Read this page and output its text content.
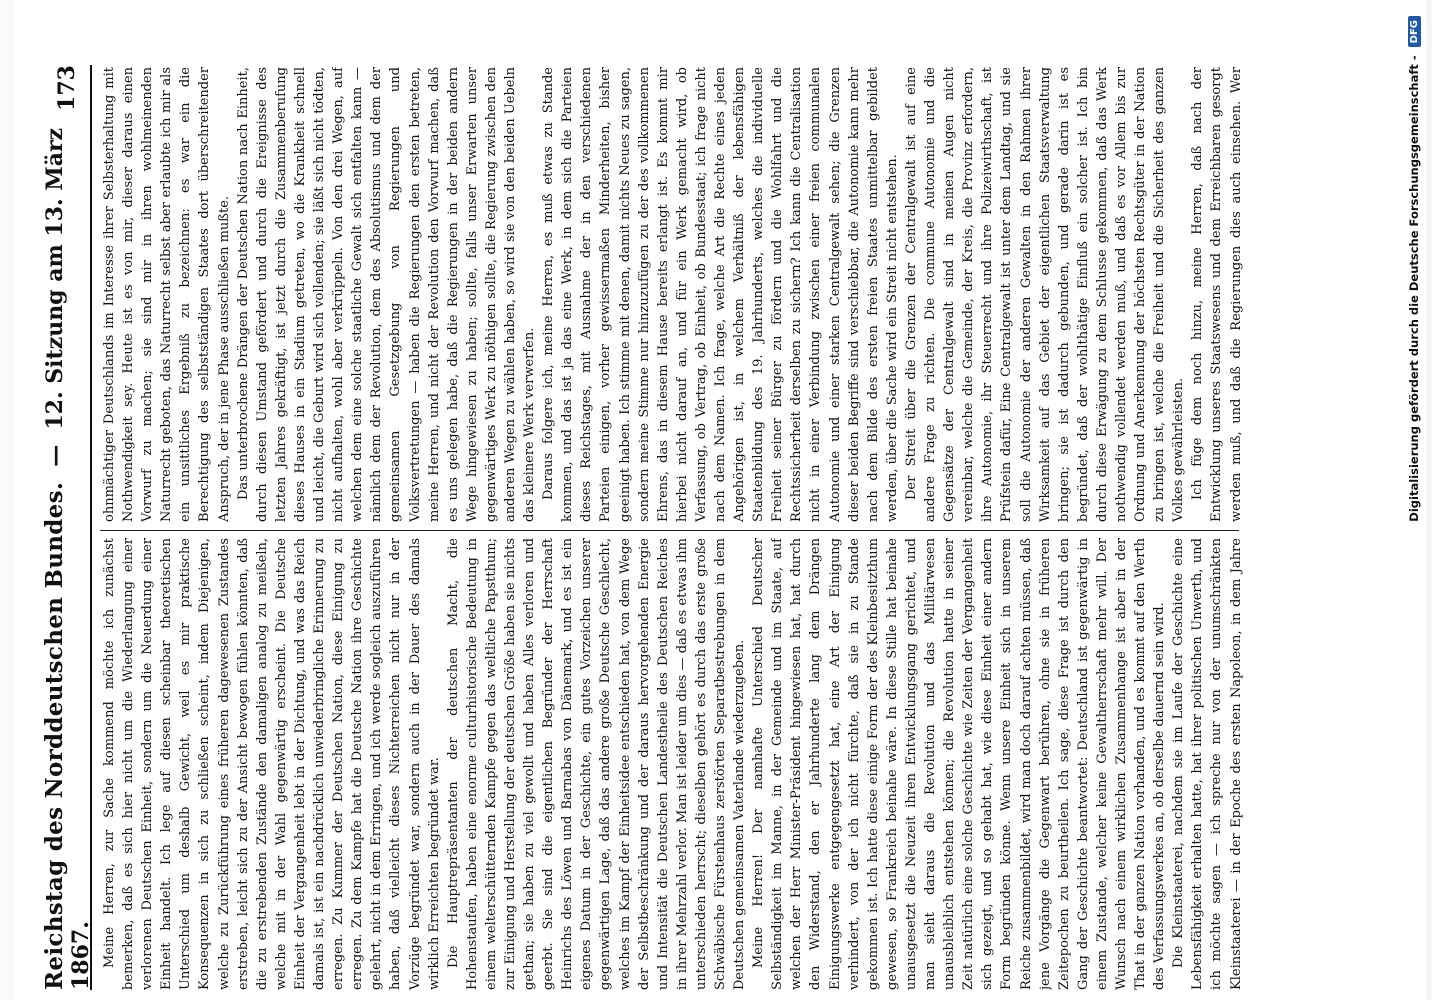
Reichstag des Norddeutschen Bundes. — 12. Sitzung am 13. März 1867.
173

Meine Herren, zur Sache kommend möchte ich zunächst bemerken, daß es sich hier nicht um die Wiederlangung einer verlorenen Deutschen Einheit, sondern um die Neuerdung einer Einheit handelt. Ich lege auf diesen scheinbar theoretischen Unterschied um deshalb Gewicht, weil es mir praktische Konsequenzen in sich zu schließen scheint, indem Diejenigen, welche zu Zurückführung eines früheren dagewesenen Zustandes erstreben, leicht sich zu der Ansicht bewogen fühlen könnten, daß die zu erstrebenden Zustände den damaligen analog zu meißeln, welche mit in der Wahl gegenwärtig erscheint. Die Deutsche Einheit der Vergangenheit lebt in der Dichtung, und was das Reich damals ist, ist ein nachdrücklich unwiederbringliche Erinnerung zu erregen. Zu Kummer der Deutschen Nation, diese Einigung zu erregen. Zu dem Kampfe hat die Deutsche Nation ihre Geschichte gelehrt, nicht in dem Erringen, und ich werde sogleich auszuführen haben, daß vielleicht dieses Nichterreichen nicht nur in der Vorzüge begründet war, sondern auch in der Dauer des damals wirklich Erreichten begründet war. Die Hauptrepräsentanten der deutschen Macht, die Hohenstaufen, haben eine enorme culturhistorische Bedeutung in einem welterschütternden Kampfe gegen das weltliche Papstthum; zur Einigung und Herstellung der deutschen Größe haben sie nichts gethan; sie haben zu viel gewollt und haben Alles verloren und geerbt. Sie sind die eigentlichen Begründer der Herrschaft Heinrichs des Löwen und Barnabas von Dänemark, und es ist ein eigenes Datum in der Geschichte, ein gutes Vorzeichen unserer gegenwärtigen Lage, daß das andere große Deutsche Geschlecht, welches im Kampf der Einheitsidee entschieden hat, von dem Wege der Selbstbeschränkung und der daraus hervorgehenden Energie und Intensität die Deutschen Landestheile des Deutschen Reiches in ihrer Mehrzahl verlor. Man ist leider um dies — daß es etwas ihm unterschieden herrscht; dieselben gehört es durch das erste große Schwäbische Fürstenhaus zerstörten Separatbestrebungen in dem Deutschen gemeinsamen Vaterlande wiederzugeben. Meine Herren! Der namhafte Unterschied Deutscher Selbständigkeit im Manne, in der Gemeinde und im Staate, auf welchen der Herr Minister-Präsident hingewiesen hat, hat durch den Widerstand, den er Jahrhunderte lang dem Drängen Einigungswerke entgegengesetzt hat, eine Art der Einigung verhindert, von der ich nicht fürchte, daß sie in zu Stande gekommen ist. Ich hatte diese einige Form der des Kleinbesitzthum gewesen, so Frankreich beinahe wäre. In diese Stille hat beinahe unausgesetzt die Neuzeit ihren Entwicklungsgang gerichtet, und man sieht daraus die Revolution und das Militärwesen unausbleiblich entstehen können; die Revolution hatte in seiner Zeit natürlich eine solche Geschichte wie Zeiten der Vergangenheit sich gezeigt, und so gehabt hat, wie diese Einheit einer andern Form begründen könne. Wenn unsere Einheit sich in unserem Reiche zusammenbildet, wird man doch darauf achten müssen, daß jene Vorgänge die Gegenwart berühren, ohne sie in früheren Zeitepochen zu beurtheilen. Ich sage, diese Frage ist durch den Gang der Geschichte beantwortet: Deutschland ist gegenwärtig in einem Zustande, welcher keine Gewaltherrschaft mehr will. Der Wunsch nach einem wirklichen Zusammenhange ist aber in der That in der ganzen Nation vorhanden, und es kommt auf den Werth des Verfassungswerkes an, ob derselbe dauernd sein wird. Die Kleinstaaterei, nachdem sie im Laufe der Geschichte eine Lebensfähigkeit erhalten hatte, hat ihrer politischen Unwerth, und ich möchte sagen — ich spreche nur von der unumschränkten Kleinstaaterei — in der Epoche des ersten Napoleon, in dem Jahre

ohnmächtiger Deutschlands im Interesse ihrer Selbsterhaltung mit Nothwendigkeit sey. Heute ist es von mir, dieser daraus einen Vorwurf zu machen; sie sind mir in ihren wohlmeinenden Naturrecht geboten, das Naturrecht selbst aber erlaubte ich mir als ein unsittliches Ergebniß zu bezeichnen: es war ein die Berechtigung des selbstständigen Staates dort überschreitender Anspruch, der in jene Phase ausschließen mußte. Das unterbrochene Drängen der Deutschen Nation nach Einheit, durch diesen Umstand gefördert und durch die Ereignisse des letzten Jahres gekräftigt, ist jetzt durch die Zusammenberufung dieses Hauses in ein Stadium getreten, wo die Krankheit schnell und leicht, die Geburt wird sich vollenden; sie läßt sich nicht tödten, nicht aufhalten, wohl aber verkrüppeln. Von den drei Wegen, auf welchen dem eine solche staatliche Gewalt sich entfalten kann — nämlich dem der Revolution, dem des Absolutismus und dem der gemeinsamen Gesetzgebung von Regierungen und Volksvertretungen — haben die Regierungen den ersten betreten, meine Herren, und nicht der Revolution den Vorwurf machen, daß es uns gelegen habe, daß die Regierungen in der beiden andern Wege hingewiesen zu haben; sollte, falls unser Erwarten unser gegenwärtiges Werk zu nöthigen sollte, die Regierung zwischen den anderen Wegen zu wählen haben, so wird sie von den beiden Uebeln das kleinere Werk verwerfen. Daraus folgere ich, meine Herren, es muß etwas zu Stande kommen, und das ist ja das eine Werk, in dem sich die Parteien dieses Reichstages, mit Ausnahme der in den verschiedenen Parteien einigen, vorher gewissermaßen Minderheiten, bisher geeinigt haben. Ich stimme mit denen, damit nichts Neues zu sagen, sondern meine Stimme nur hinzuzufügen zu der des vollkommenen Ehrens, das in diesem Hause bereits erlangt ist. Es kommt mir hierbei nicht darauf an, und für ein Werk gemacht wird, ob Verfassung, ob Vertrag, ob Einheit, ob Bundesstaat; ich frage nicht nach dem Namen. Ich frage, welche Art die Rechte eines jeden Angehörigen ist, in welchem Verhältniß der lebensfähigen Staatenbildung des 19. Jahrhunderts, welches die individuelle Freiheit seiner Bürger zu fördern und die Wohlfahrt und die Rechtssicherheit derselben zu sichern? Ich kann die Centralisation nicht in einer Verbindung zwischen einer freien communalen Autonomie und einer starken Centralgewalt sehen; die Grenzen dieser beiden Begriffe sind verschiebbar, die Autonomie kann mehr nach dem Bilde des ersten freien Staates unmittelbar gebildet werden, über die Sache wird ein Streit nicht entstehen. Der Streit über die Grenzen der Centralgewalt ist auf eine andere Frage zu richten. Die commune Autonomie und die Gegensätze der Centralgewalt sind in meinen Augen nicht vereinbar, welche die Gemeinde, der Kreis, die Provinz erfordern, ihre Autonomie, ihr Steuerrecht und ihre Polizeiwirthschaft, ist Prüfstein dafür, Eine Centralgewalt ist unter dem Landtag, und sie soll die Autonomie der anderen Gewalten in den Rahmen ihrer Wirksamkeit auf das Gebiet der eigentlichen Staatsverwaltung bringen; sie ist dadurch gebunden, und gerade darin ist es begründet, daß der wohlthätige Einfluß ein solcher ist. Ich bin durch diese Erwägung zu dem Schlusse gekommen, daß das Werk nothwendig vollendet werden muß, und daß es vor Allem bis zur Ordnung und Anerkennung der höchsten Rechtsgüter in der Nation zu bringen ist, welche die Freiheit und die Sicherheit des ganzen Volkes gewährleisten. Ich füge dem noch hinzu, meine Herren, daß nach der Entwicklung unseres Staatswesens und dem Erreichbaren gesorgt werden muß, und daß die Regierungen dies auch einsehen. Wer	Digitalisierung gefördert durch die Deutsche Forschungsgemeinschaft -
DFG
